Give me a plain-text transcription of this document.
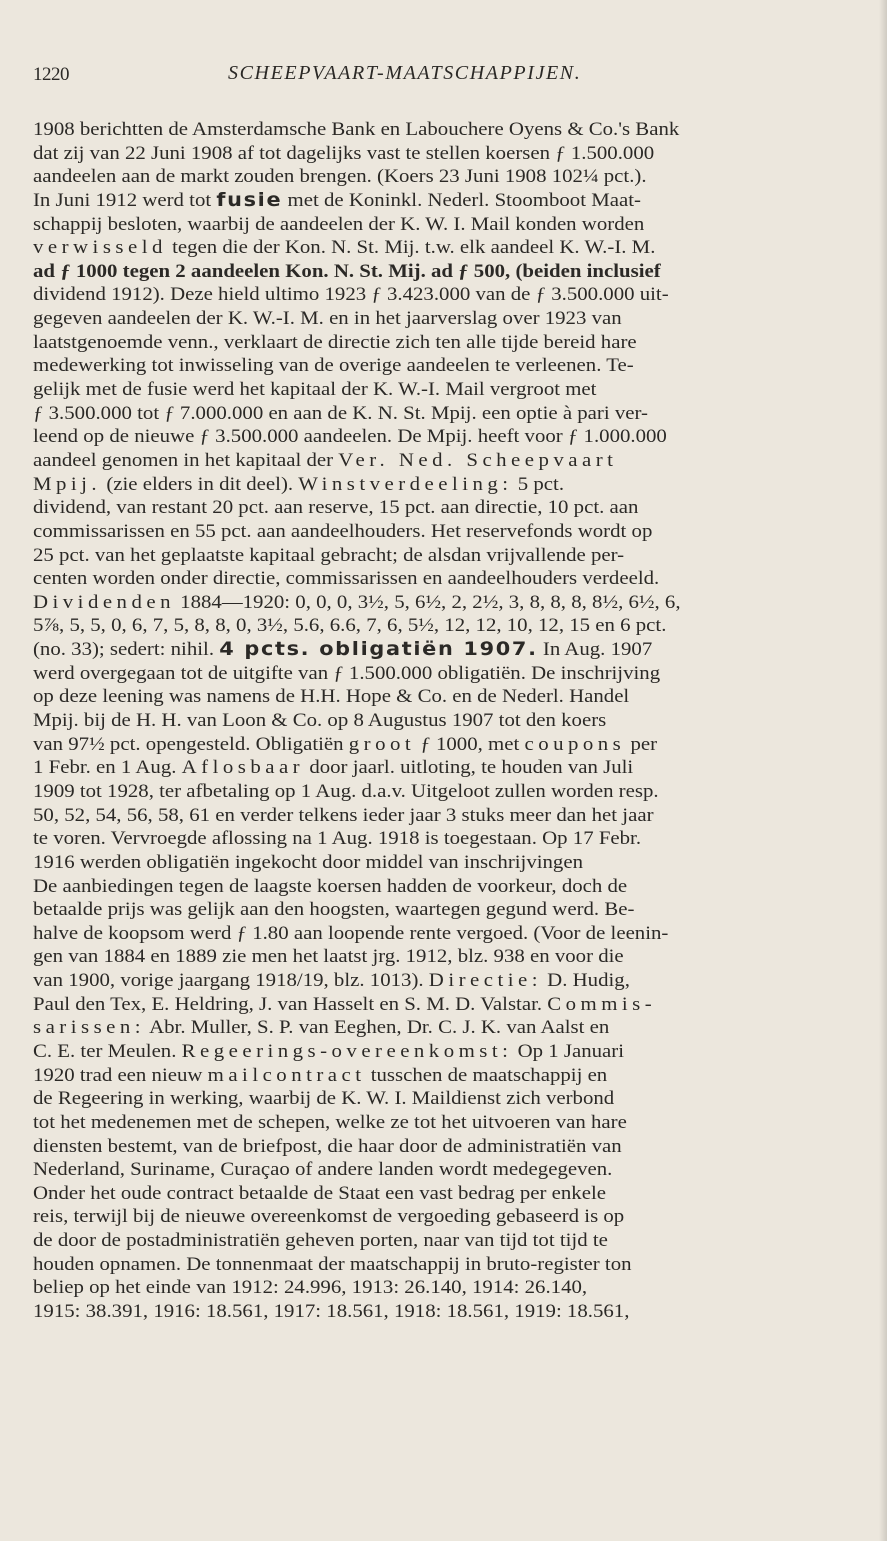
1220	SCHEEPVAART-MAATSCHAPPIJEN.
1908 berichtten de Amsterdamsche Bank en Labouchere Oyens & Co.'s Bank
dat zij van 22 Juni 1908 af tot dagelijks vast te stellen koersen ƒ 1.500.000
aandeelen aan de markt zouden brengen. (Koers 23 Juni 1908 102¼ pct.).
In Juni 1912 werd tot fusie met de Koninkl. Nederl. Stoomboot Maat-
schappij besloten, waarbij de aandeelen der K. W. I. Mail konden worden
verwisseld tegen die der Kon. N. St. Mij. t.w. elk aandeel K. W.-I. M.
ad ƒ 1000 tegen 2 aandeelen Kon. N. St. Mij. ad ƒ 500, (beiden inclusief
dividend 1912). Deze hield ultimo 1923 ƒ 3.423.000 van de ƒ 3.500.000 uit-
gegeven aandeelen der K. W.-I. M. en in het jaarverslag over 1923 van
laatstgenoemde venn., verklaart de directie zich ten alle tijde bereid hare
medewerking tot inwisseling van de overige aandeelen te verleenen. Te-
gelijk met de fusie werd het kapitaal der K. W.-I. Mail vergroot met
ƒ 3.500.000 tot ƒ 7.000.000 en aan de K. N. St. Mpij. een optie à pari ver-
leend op de nieuwe ƒ 3.500.000 aandeelen. De Mpij. heeft voor ƒ 1.000.000
aandeel genomen in het kapitaal der Ver. Ned. Scheepvaart
Mpij. (zie elders in dit deel). Winstverdeeling: 5 pct.
dividend, van restant 20 pct. aan reserve, 15 pct. aan directie, 10 pct. aan
commissarissen en 55 pct. aan aandeelhouders. Het reservefonds wordt op
25 pct. van het geplaatste kapitaal gebracht; de alsdan vrijvallende per-
centen worden onder directie, commissarissen en aandeelhouders verdeeld.
Dividenden 1884—1920: 0, 0, 0, 3½, 5, 6½, 2, 2½, 3, 8, 8, 8, 8½, 6½, 6,
5⅞, 5, 5, 0, 6, 7, 5, 8, 8, 0, 3½, 5.6, 6.6, 7, 6, 5½, 12, 12, 10, 12, 15 en 6 pct.
(no. 33); sedert: nihil. 4 pcts. obligatiën 1907. In Aug. 1907
werd overgegaan tot de uitgifte van ƒ 1.500.000 obligatiën. De inschrijving
op deze leening was namens de H.H. Hope & Co. en de Nederl. Handel
Mpij. bij de H. H. van Loon & Co. op 8 Augustus 1907 tot den koers
van 97½ pct. opengesteld. Obligatiën groot ƒ 1000, met coupons per
1 Febr. en 1 Aug. Aflosbaar door jaarl. uitloting, te houden van Juli
1909 tot 1928, ter afbetaling op 1 Aug. d.a.v. Uitgeloot zullen worden resp.
50, 52, 54, 56, 58, 61 en verder telkens ieder jaar 3 stuks meer dan het jaar
te voren. Vervroegde aflossing na 1 Aug. 1918 is toegestaan. Op 17 Febr.
1916 werden obligatiën ingekocht door middel van inschrijvingen
De aanbiedingen tegen de laagste koersen hadden de voorkeur, doch de
betaalde prijs was gelijk aan den hoogsten, waartegen gegund werd. Be-
halve de koopsom werd ƒ 1.80 aan loopende rente vergoed. (Voor de leenin-
gen van 1884 en 1889 zie men het laatst jrg. 1912, blz. 938 en voor die
van 1900, vorige jaargang 1918/19, blz. 1013). Directie: D. Hudig,
Paul den Tex, E. Heldring, J. van Hasselt en S. M. D. Valstar. Commis-
sarissen: Abr. Muller, S. P. van Eeghen, Dr. C. J. K. van Aalst en
C. E. ter Meulen. Regeerings-overeenkomst: Op 1 Januari
1920 trad een nieuw mailcontract tusschen de maatschappij en
de Regeering in werking, waarbij de K. W. I. Maildienst zich verbond
tot het medenemen met de schepen, welke ze tot het uitvoeren van hare
diensten bestemt, van de briefpost, die haar door de administratiën van
Nederland, Suriname, Curaçao of andere landen wordt medegegeven.
Onder het oude contract betaalde de Staat een vast bedrag per enkele
reis, terwijl bij de nieuwe overeenkomst de vergoeding gebaseerd is op
de door de postadministratiën geheven porten, naar van tijd tot tijd te
houden opnamen. De tonnenmaat der maatschappij in bruto-register ton
beliep op het einde van 1912: 24.996, 1913: 26.140, 1914: 26.140,
1915: 38.391, 1916: 18.561, 1917: 18.561, 1918: 18.561, 1919: 18.561,
